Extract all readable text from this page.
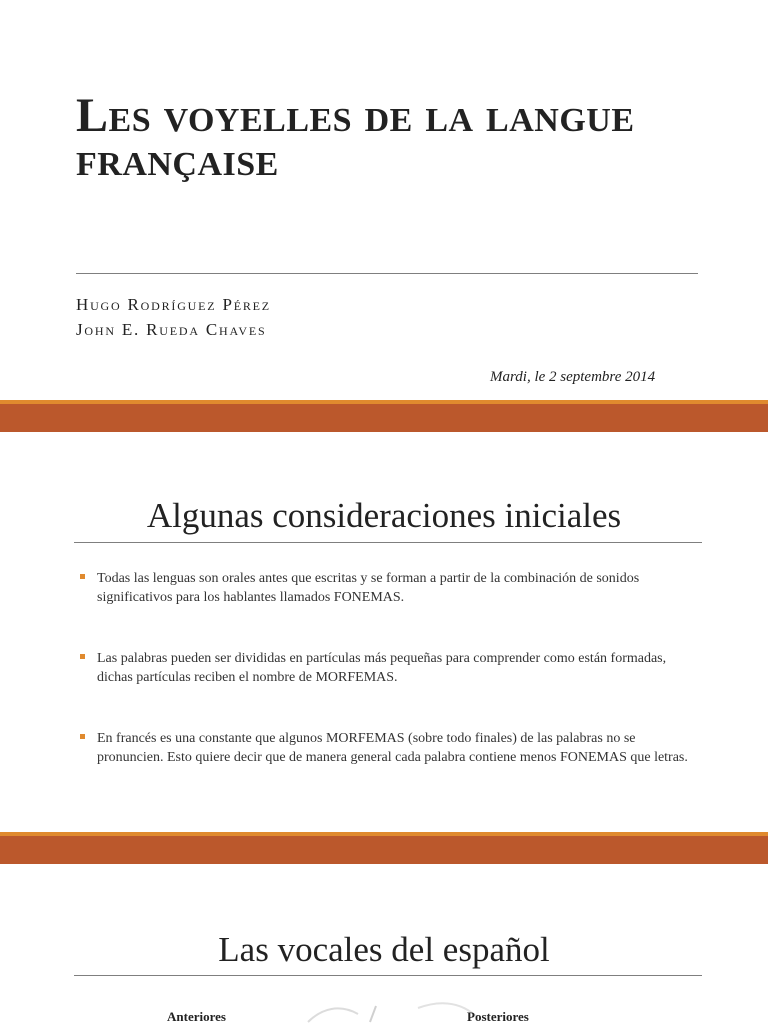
Les voyelles de la langue française
Hugo Rodríguez Pérez
John E. Rueda Chaves
Mardi, le 2 septembre 2014
Algunas consideraciones iniciales
Todas las lenguas son orales antes que escritas y se forman a partir de la combinación de sonidos significativos para los hablantes llamados FONEMAS.
Las palabras pueden ser divididas en partículas más pequeñas para comprender como están formadas, dichas partículas reciben el nombre de MORFEMAS.
En francés es una constante que algunos MORFEMAS (sobre todo finales) de las palabras no se pronuncien. Esto quiere decir que de manera general cada palabra contiene menos FONEMAS que letras.
Las vocales del español
Anteriores	Posteriores
